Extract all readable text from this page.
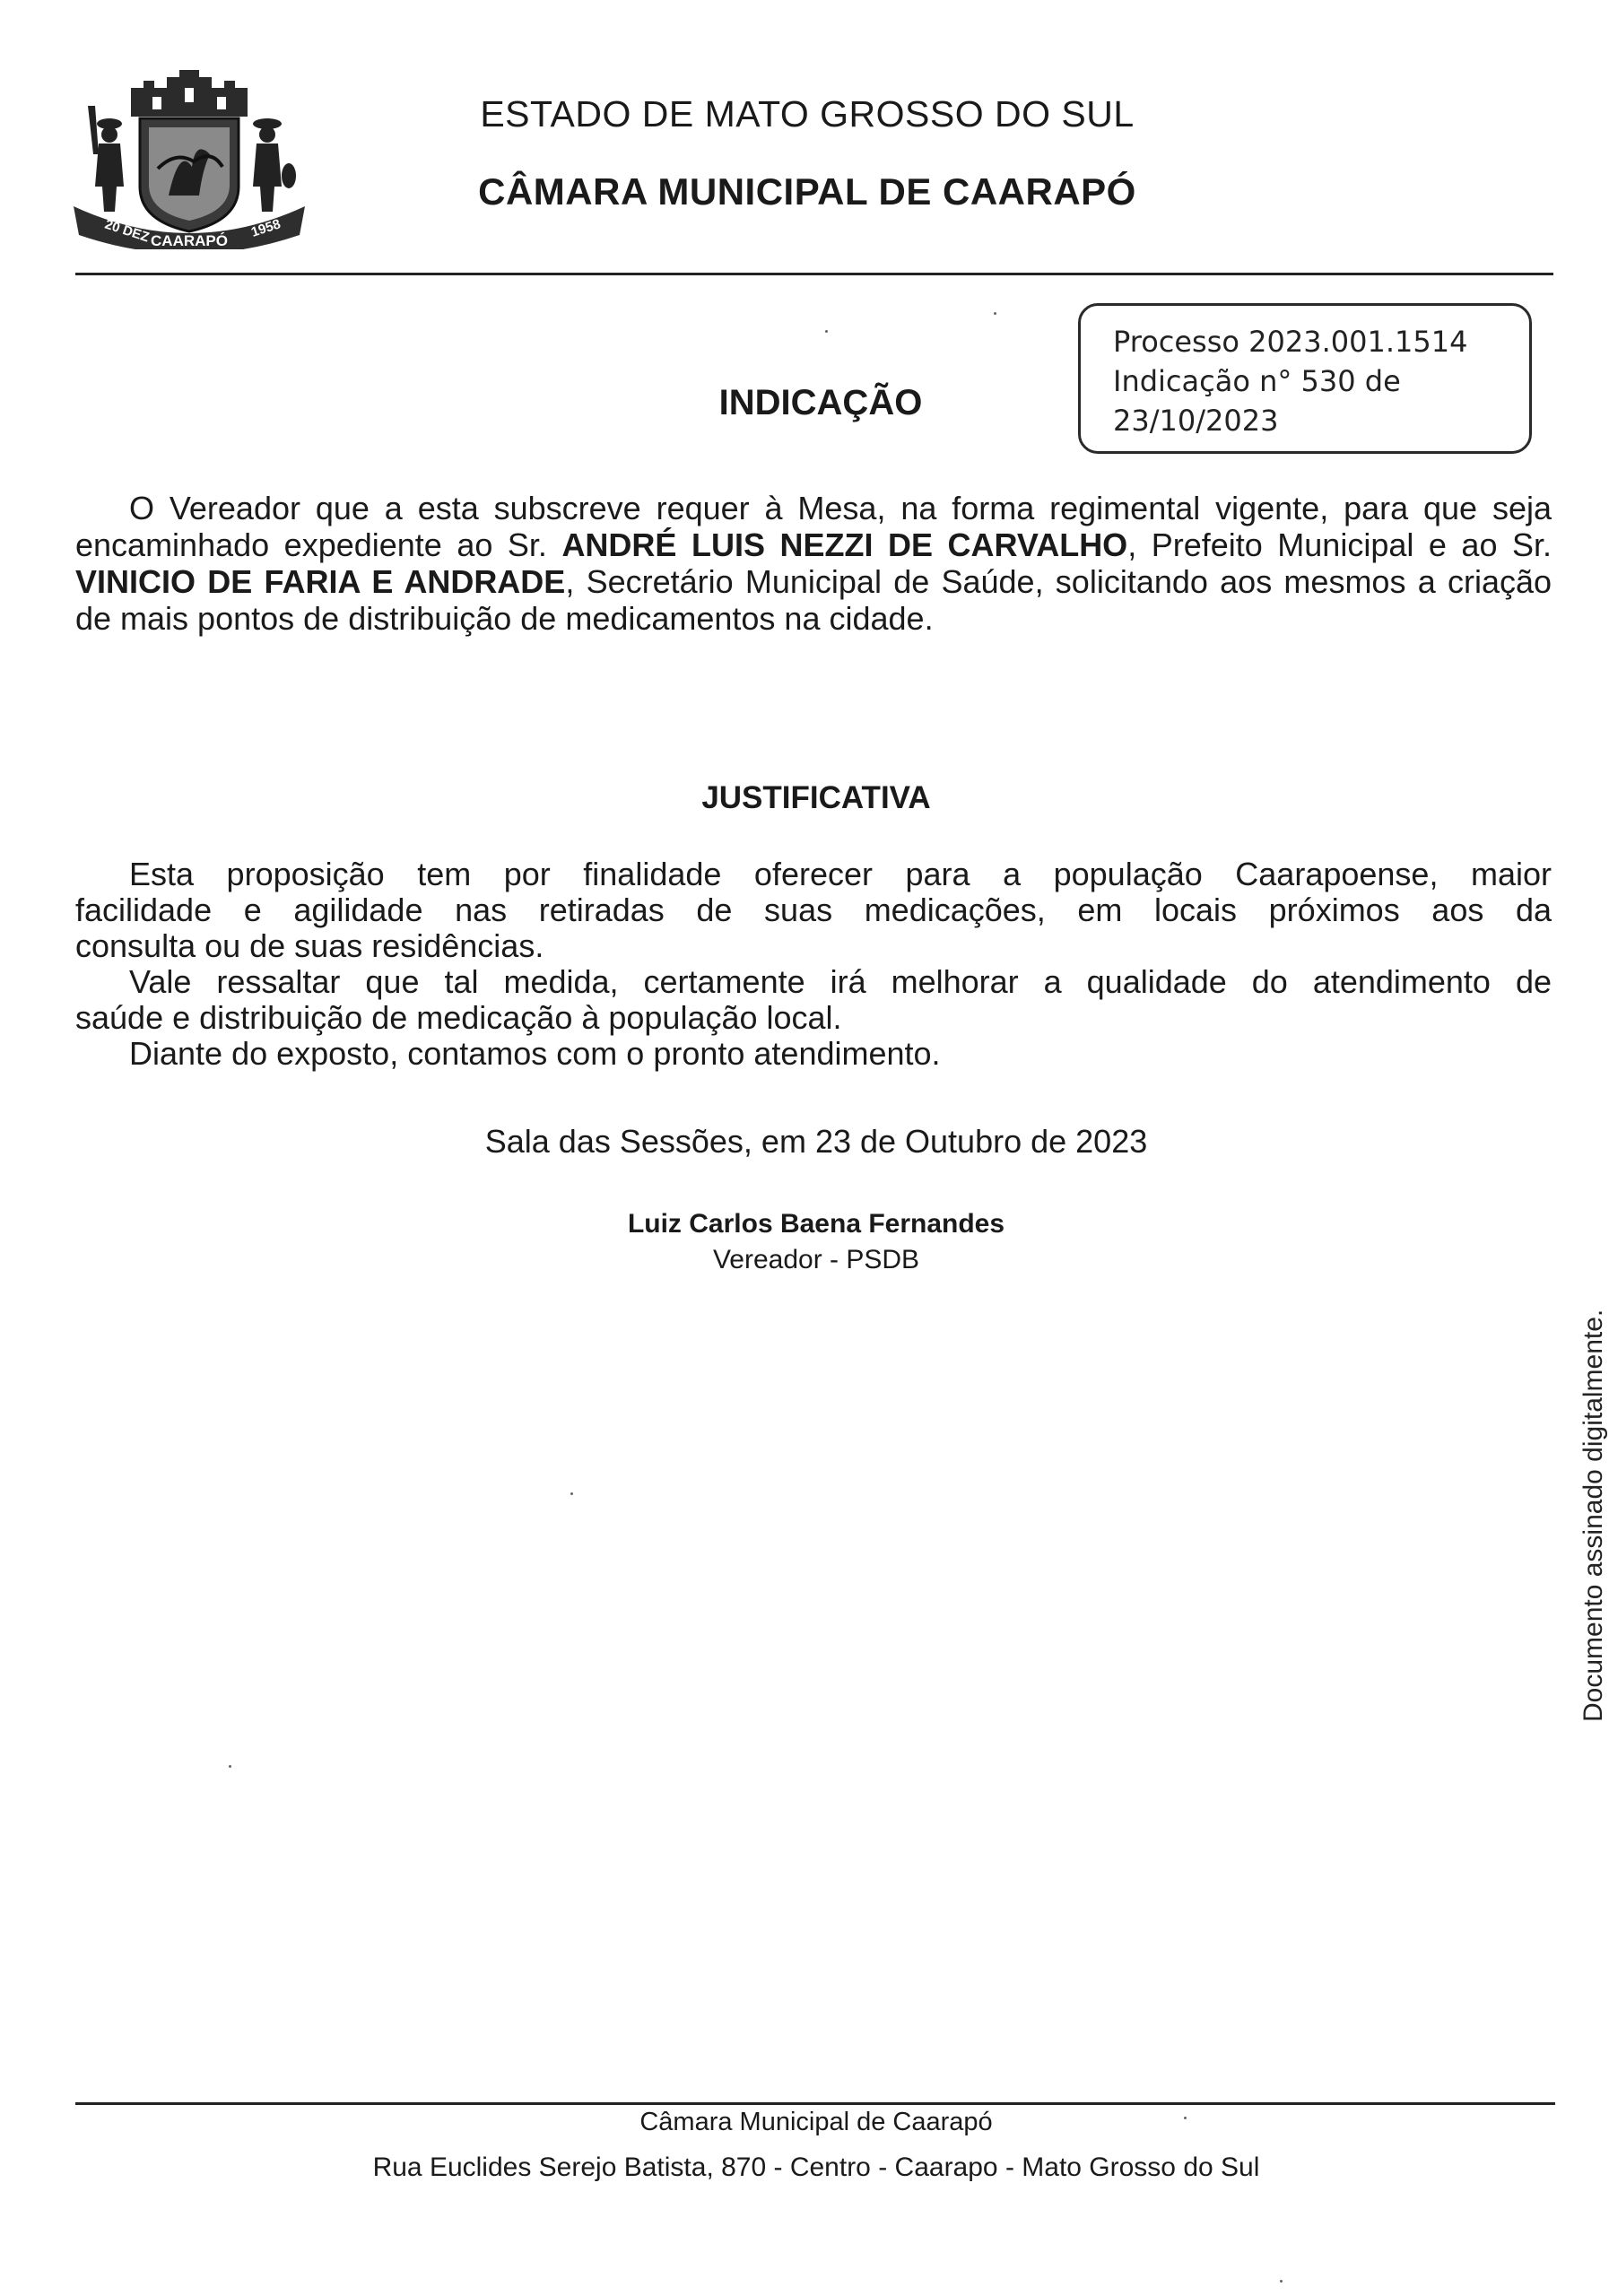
20 DEZ CAARAPÓ
1958
ESTADO DE MATO GROSSO DO SUL
CÂMARA MUNICIPAL DE CAARAPÓ
Processo 2023.001.1514
Indicação n° 530 de
23/10/2023
INDICAÇÃO

O Vereador que a esta subscreve requer à Mesa, na forma regimental vigente, para que seja encaminhado expediente ao Sr. ANDRÉ LUIS NEZZI DE CARVALHO, Prefeito Municipal e ao Sr. VINICIO DE FARIA E ANDRADE, Secretário Municipal de Saúde, solicitando aos mesmos a criação de mais pontos de distribuição de medicamentos na cidade.

JUSTIFICATIVA
Esta proposição tem por finalidade oferecer para a população Caarapoense, maior
facilidade e agilidade nas retiradas de suas medicações, em locais próximos aos da
consulta ou de suas residências.
Vale ressaltar que tal medida, certamente irá melhorar a qualidade do atendimento de
saúde e distribuição de medicação à população local.
Diante do exposto, contamos com o pronto atendimento.
Sala das Sessões, em 23 de Outubro de 2023
Luiz Carlos Baena Fernandes
Vereador - PSDB
Documento assinado digitalmente.
Câmara Municipal de Caarapó
Rua Euclides Serejo Batista, 870 - Centro - Caarapo - Mato Grosso do Sul
